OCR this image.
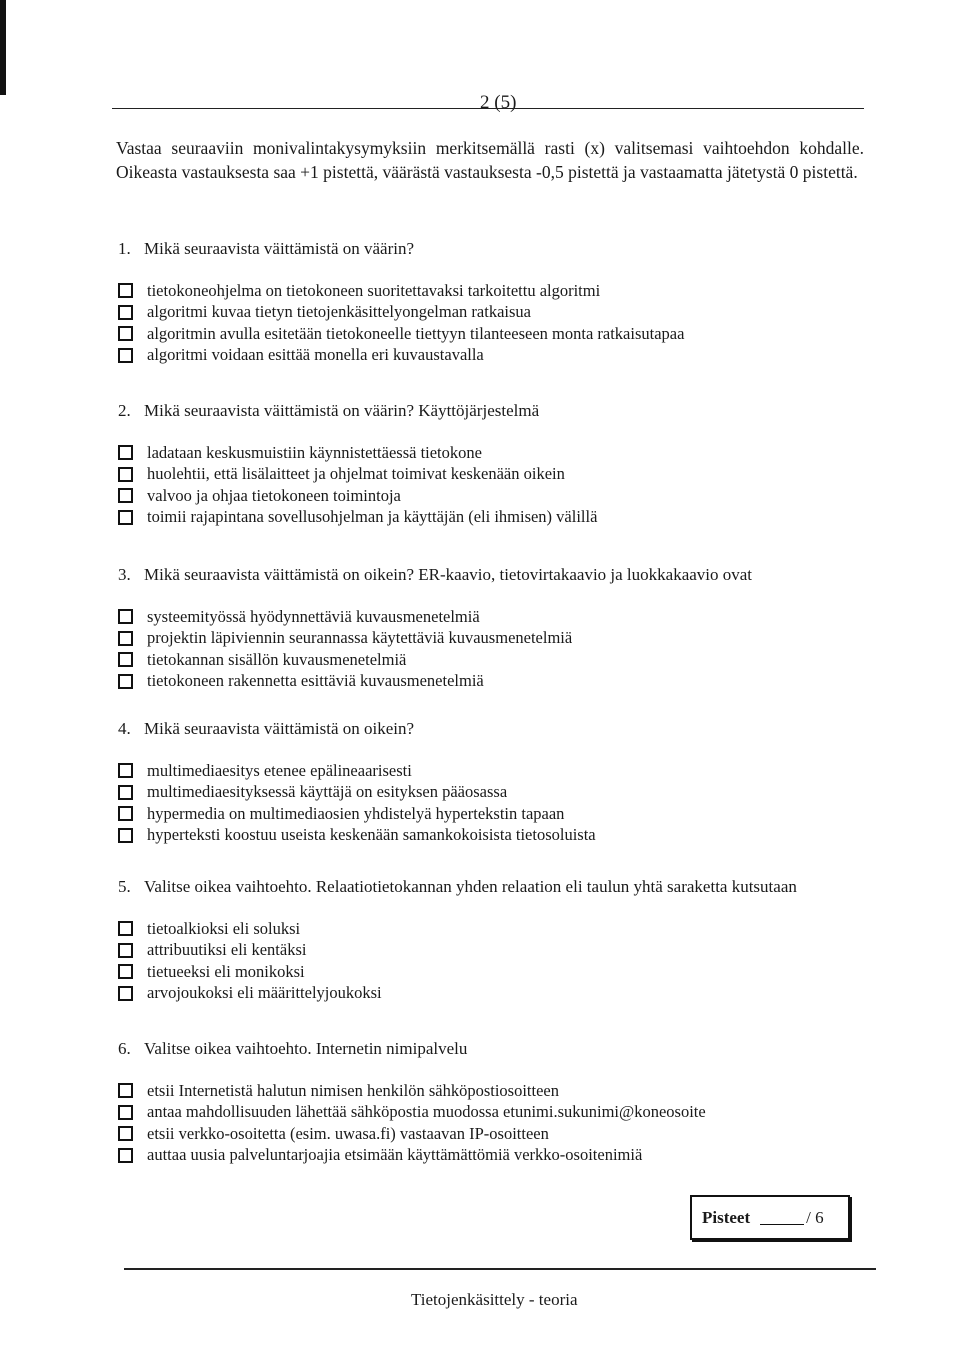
2 (5)
Vastaa seuraaviin monivalintakysymyksiin merkitsemällä rasti (x) valitsemasi vaihtoehdon kohdalle. Oikeasta vastauksesta saa +1 pistettä, väärästä vastauksesta -0,5 pistettä ja vastaamatta jätetystä 0 pistettä.
1. Mikä seuraavista väittämistä on väärin?
tietokoneohjelma on tietokoneen suoritettavaksi tarkoitettu algoritmi
algoritmi kuvaa tietyn tietojenkäsittelyongelman ratkaisua
algoritmin avulla esitetään tietokoneelle tiettyyn tilanteeseen monta ratkaisutapaa
algoritmi voidaan esittää monella eri kuvaustavalla
2. Mikä seuraavista väittämistä on väärin? Käyttöjärjestelmä
ladataan keskusmuistiin käynnistettäessä tietokone
huolehtii, että lisälaitteet ja ohjelmat toimivat keskenään oikein
valvoo ja ohjaa tietokoneen toimintoja
toimii rajapintana sovellusohjelman ja käyttäjän (eli ihmisen) välillä
3. Mikä seuraavista väittämistä on oikein? ER-kaavio, tietovirtakaavio ja luokkakaavio ovat
systeemityössä hyödynnettäviä kuvausmenetelmiä
projektin läpiviennin seurannassa käytettäviä kuvausmenetelmiä
tietokannan sisällön kuvausmenetelmiä
tietokoneen rakennetta esittäviä kuvausmenetelmiä
4. Mikä seuraavista väittämistä on oikein?
multimediaesitys etenee epälineaarisesti
multimediaesityksessä käyttäjä on esityksen pääosassa
hypermedia on multimediaosien yhdistelyä hypertekstin tapaan
hyperteksti koostuu useista keskenään samankokoisista tietosoluista
5. Valitse oikea vaihtoehto. Relaatiotietokannan yhden relaation eli taulun yhtä saraketta kutsutaan
tietoalkioksi eli soluksi
attribuutiksi eli kentäksi
tietueeksi eli monikoksi
arvojoukoksi eli määrittelyjoukoksi
6. Valitse oikea vaihtoehto. Internetin nimipalvelu
etsii Internetistä halutun nimisen henkilön sähköpostiosoitteen
antaa mahdollisuuden lähettää sähköpostia muodossa etunimi.sukunimi@koneosoite
etsii verkko-osoitetta (esim. uwasa.fi) vastaavan IP-osoitteen
auttaa uusia palveluntarjoajia etsimään käyttämättömiä verkko-osoitenimiä
Pisteet	/ 6
Tietojenkäsittely - teoria
